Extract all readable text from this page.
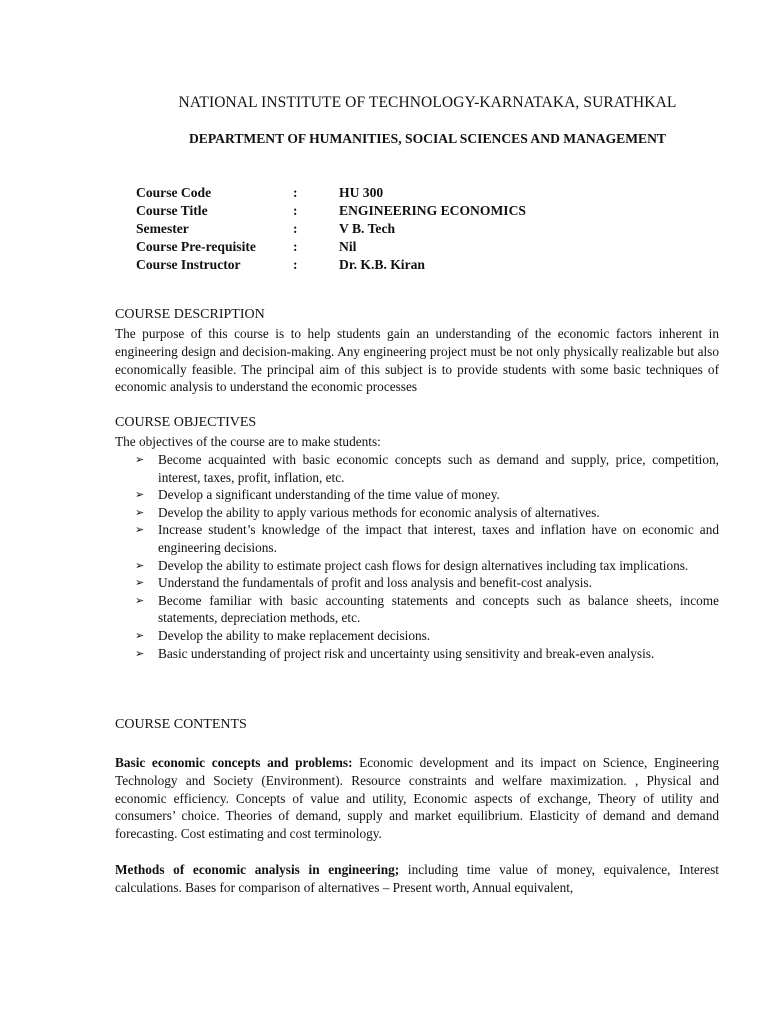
NATIONAL INSTITUTE OF TECHNOLOGY-KARNATAKA, SURATHKAL
DEPARTMENT OF HUMANITIES, SOCIAL SCIENCES AND MANAGEMENT
Course Code	:	HU 300
Course Title	:	ENGINEERING ECONOMICS
Semester	:	V B. Tech
Course Pre-requisite	:	Nil
Course Instructor	:	Dr. K.B. Kiran
COURSE DESCRIPTION
The purpose of this course is to help students gain an understanding of the economic factors inherent in engineering design and decision-making. Any engineering project must be not only physically realizable but also economically feasible. The principal aim of this subject is to provide students with some basic techniques of economic analysis to understand the economic processes
COURSE OBJECTIVES
The objectives of the course are to make students:
➢ Become acquainted with basic economic concepts such as demand and supply, price, competition, interest, taxes, profit, inflation, etc.
➢ Develop a significant understanding of the time value of money.
➢ Develop the ability to apply various methods for economic analysis of alternatives.
➢ Increase student’s knowledge of the impact that interest, taxes and inflation have on economic and engineering decisions.
➢ Develop the ability to estimate project cash flows for design alternatives including tax implications.
➢ Understand the fundamentals of profit and loss analysis and benefit-cost analysis.
➢ Become familiar with basic accounting statements and concepts such as balance sheets, income statements, depreciation methods, etc.
➢ Develop the ability to make replacement decisions.
➢ Basic understanding of project risk and uncertainty using sensitivity and break-even analysis.
COURSE CONTENTS
Basic economic concepts and problems: Economic development and its impact on Science, Engineering Technology and Society (Environment). Resource constraints and welfare maximization. , Physical and economic efficiency. Concepts of value and utility, Economic aspects of exchange, Theory of utility and consumers’ choice. Theories of demand, supply and market equilibrium. Elasticity of demand and demand forecasting. Cost estimating and cost terminology.
Methods of economic analysis in engineering; including time value of money, equivalence, Interest calculations. Bases for comparison of alternatives – Present worth, Annual equivalent,
